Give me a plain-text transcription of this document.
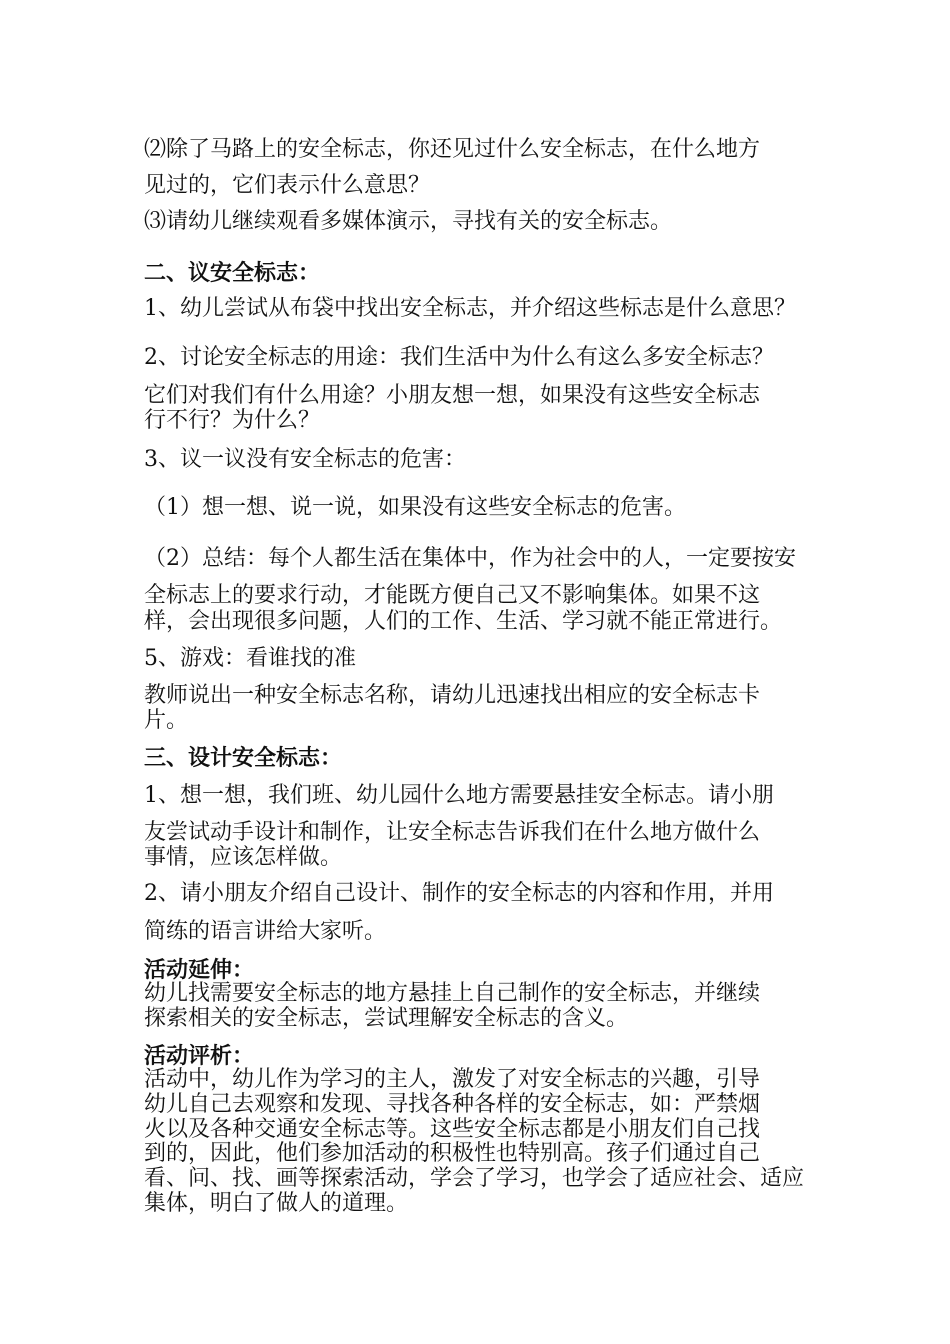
⑵除了马路上的安全标志，你还见过什么安全标志，在什么地方

见过的，它们表示什么意思？

⑶请幼儿继续观看多媒体演示，寻找有关的安全标志。

二、议安全标志：

1、幼儿尝试从布袋中找出安全标志，并介绍这些标志是什么意思？

2、讨论安全标志的用途：我们生活中为什么有这么多安全标志？

它们对我们有什么用途？小朋友想一想，如果没有这些安全标志

行不行？为什么？

3、议一议没有安全标志的危害：

（1）想一想、说一说，如果没有这些安全标志的危害。

（2）总结：每个人都生活在集体中，作为社会中的人，一定要按安

全标志上的要求行动，才能既方便自己又不影响集体。如果不这

样，会出现很多问题，人们的工作、生活、学习就不能正常进行。

5、游戏：看谁找的准

教师说出一种安全标志名称，请幼儿迅速找出相应的安全标志卡

片。

三、设计安全标志：

1、想一想，我们班、幼儿园什么地方需要悬挂安全标志。请小朋

友尝试动手设计和制作，让安全标志告诉我们在什么地方做什么

事情，应该怎样做。

2、请小朋友介绍自己设计、制作的安全标志的内容和作用，并用

简练的语言讲给大家听。

活动延伸：

幼儿找需要安全标志的地方悬挂上自己制作的安全标志，并继续

探索相关的安全标志，尝试理解安全标志的含义。

活动评析：

活动中，幼儿作为学习的主人，激发了对安全标志的兴趣，引导

幼儿自己去观察和发现、寻找各种各样的安全标志，如：严禁烟

火以及各种交通安全标志等。这些安全标志都是小朋友们自己找

到的，因此，他们参加活动的积极性也特别高。孩子们通过自己

看、问、找、画等探索活动，学会了学习，也学会了适应社会、适应

集体，明白了做人的道理。
